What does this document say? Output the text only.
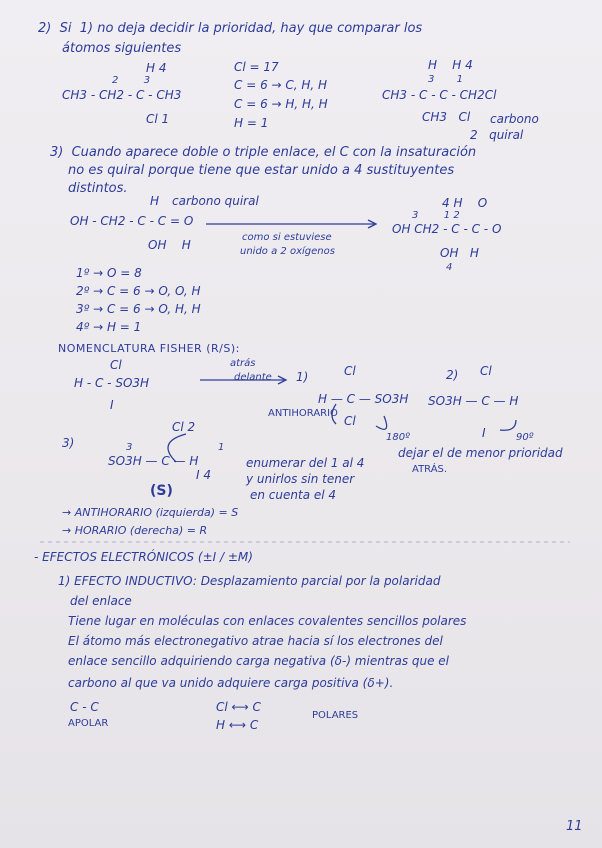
2)  Si  1) no deja decidir la prioridad, hay que comparar los
átomos siguientes
H 4
2        3
CH3 - CH2 - C - CH3
Cl 1
Cl = 17
C = 6 → C, H, H
C = 6 → H, H, H
H = 1
H    H 4
3       1
CH3 - C - C - CH2Cl
CH3   Cl carbono
2   quiral
3)  Cuando aparece doble o triple enlace, el C con la insaturación
no es quiral porque tiene que estar unido a 4 sustituyentes
distintos.
H carbono quiral
OH - CH2 - C - C = O
OH    H
como si estuviese
unido a 2 oxígenos
4 H    O
3        1 2
OH CH2 - C - C - O
OH   H
4
1º → O = 8
2º → C = 6 → O, O, H
3º → C = 6 → O, H, H
4º → H = 1
NOMENCLATURA FISHER (R/S):
Cl
H - C - SO3H
I
atrás
delante 1)	Cl
H — C — SO3H
Cl
ANTIHORARIO
180º
2) Cl
SO3H — C — H
I	90º
dejar el de menor prioridad
ATRÁS.
3)
Cl 2
3	1
SO3H — C — H
I 4
(S)
enumerar del 1 al 4
y unirlos sin tener
en cuenta el 4
→ ANTIHORARIO (izquierda) = S
→ HORARIO (derecha) = R
- EFECTOS ELECTRÓNICOS (±I / ±M)
1) EFECTO INDUCTIVO: Desplazamiento parcial por la polaridad
del enlace
Tiene lugar en moléculas con enlaces covalentes sencillos polares
El átomo más electronegativo atrae hacia sí los electrones del
enlace sencillo adquiriendo carga negativa (δ-) mientras que el
carbono al que va unido adquiere carga positiva (δ+).
C - C
APOLAR
Cl ⟷ C
H ⟷ C
POLARES
11
